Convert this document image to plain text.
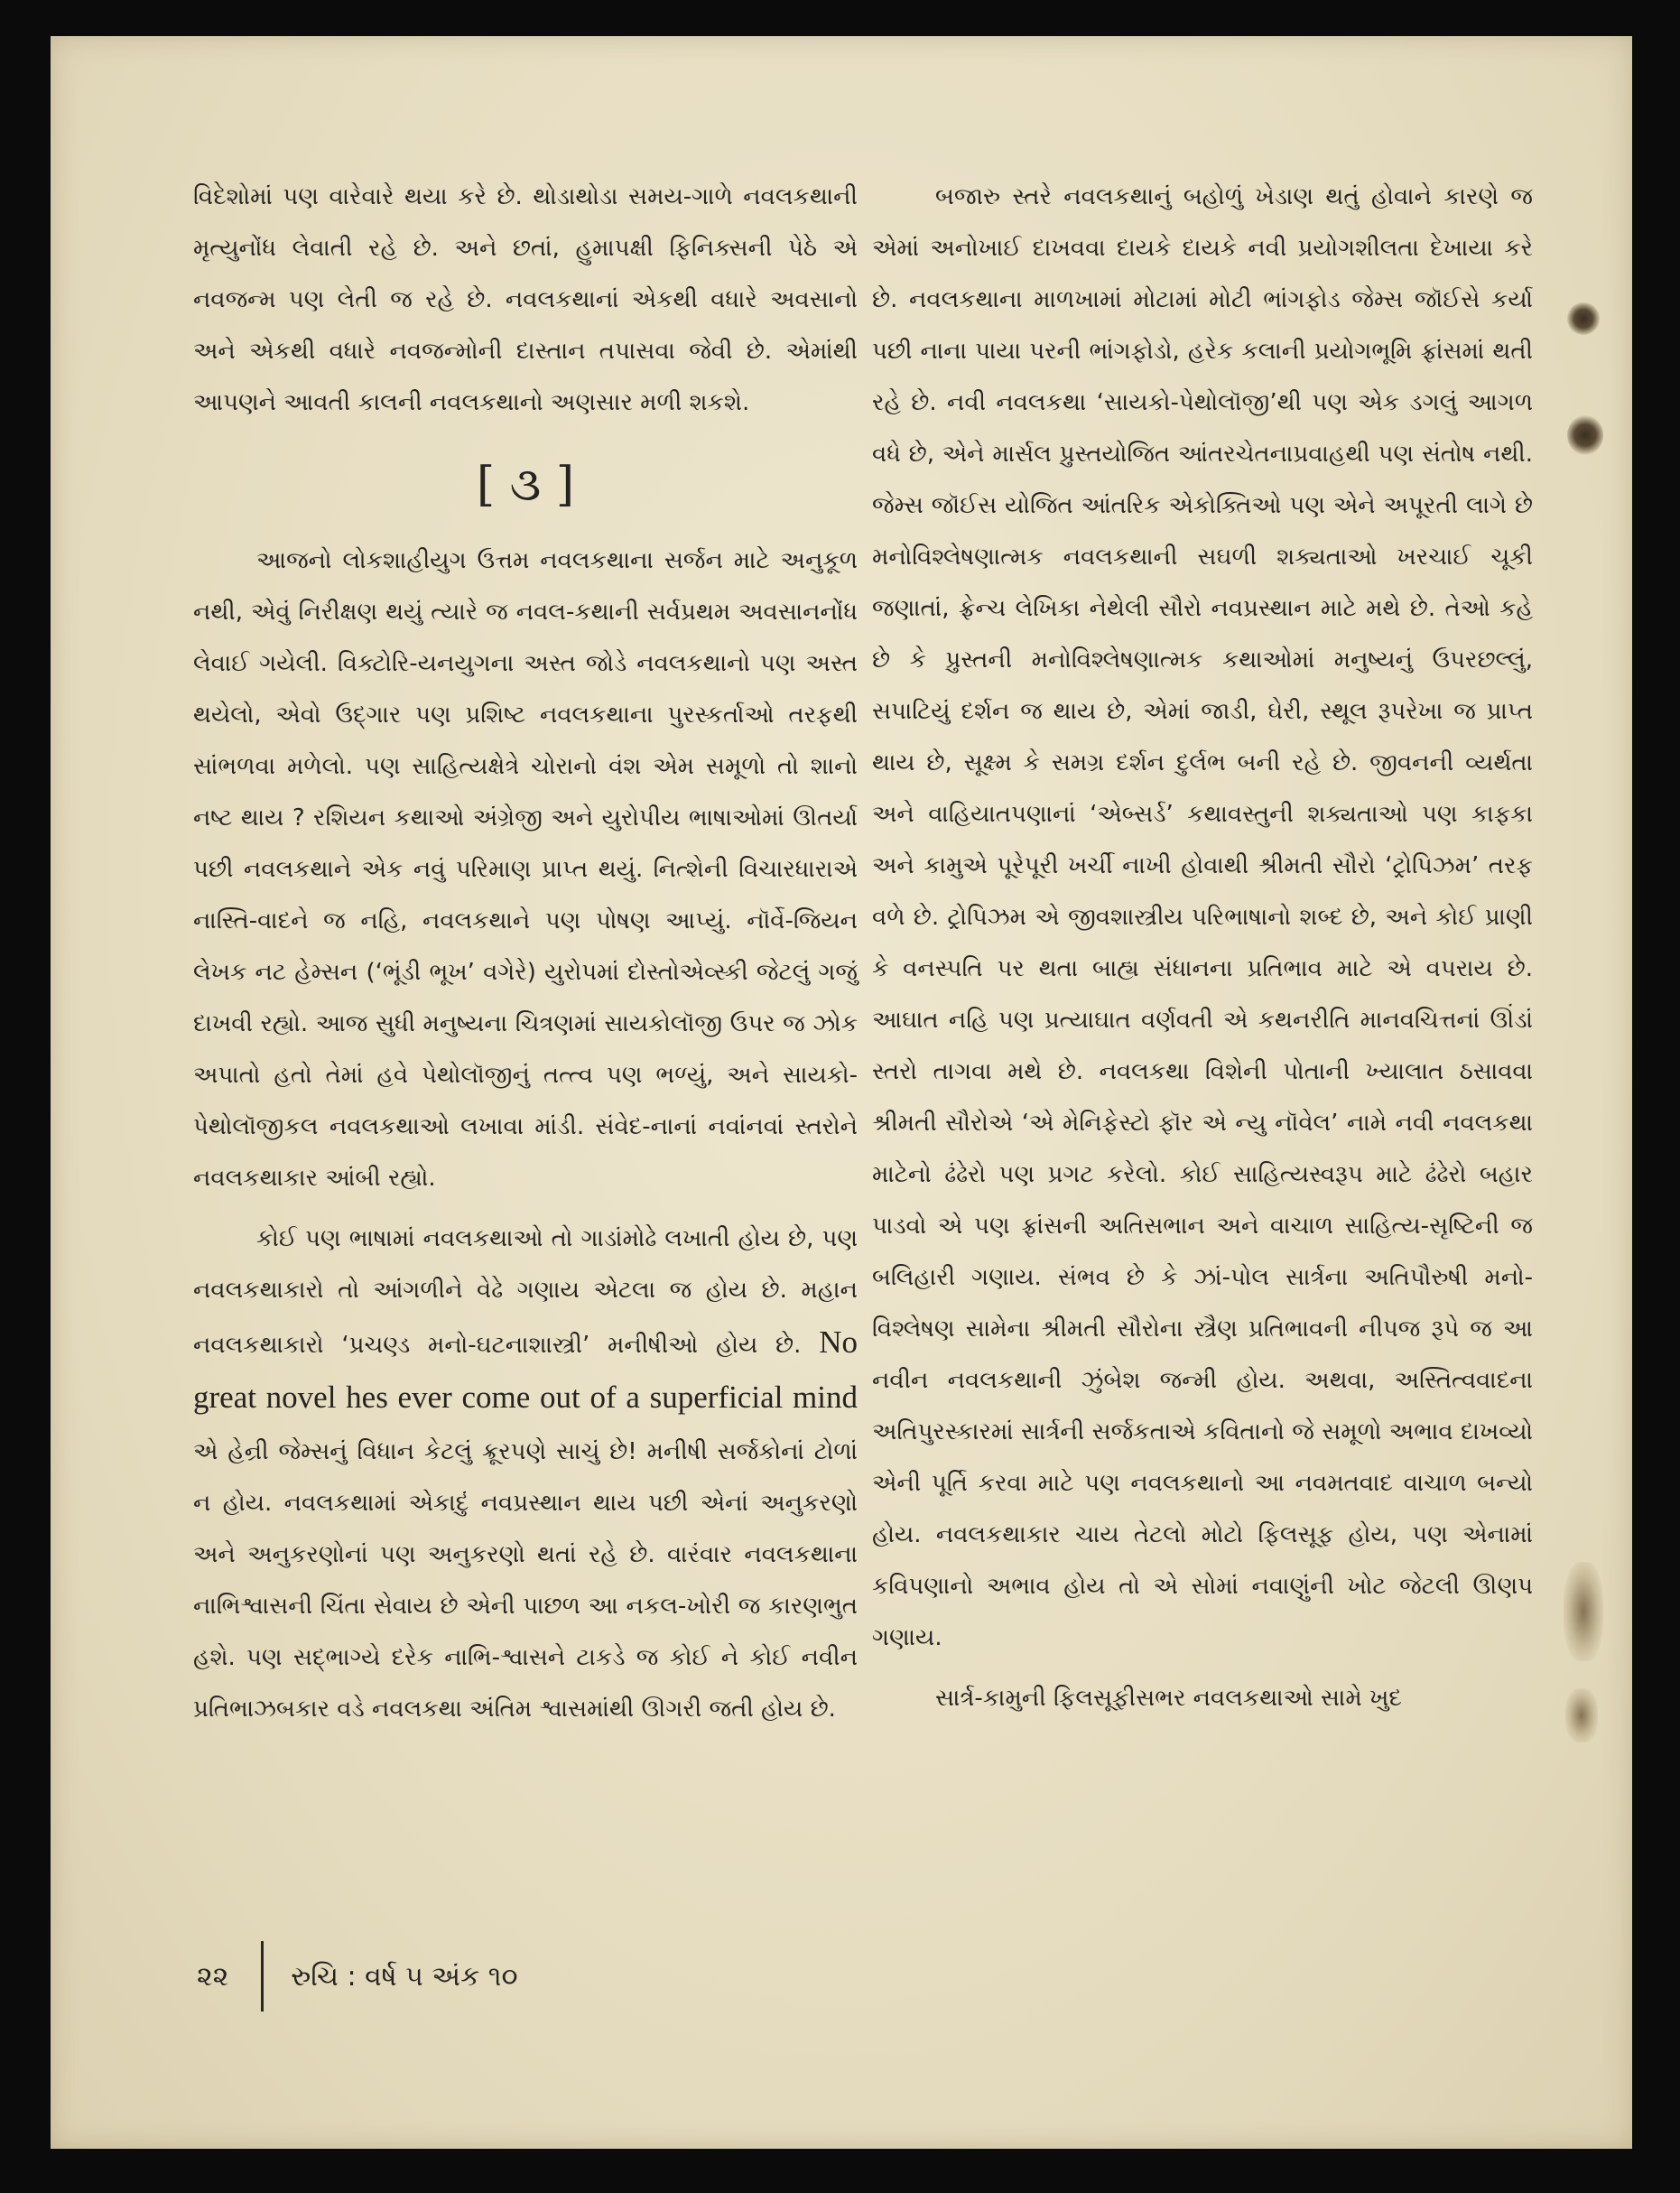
વિદેશોમાં પણ વારેવારે થયા કરે છે. થોડાથોડા સમય-ગાળે નવલકથાની મૃત્યુનોંધ લેવાતી રહે છે. અને છતાં, હુમાપક્ષી ફિનિક્સની પેઠે એ નવજન્મ પણ લેતી જ રહે છે. નવલકથાનાં એકથી વધારે અવસાનો અને એકથી વધારે નવજન્મોની દાસ્તાન તપાસવા જેવી છે. એમાંથી આપણને આવતી કાલની નવલકથાનો અણસાર મળી શકશે.

[ ૩ ]

આજનો લોકશાહીયુગ ઉત્તમ નવલકથાના સર્જન માટે અનુકૂળ નથી, એવું નિરીક્ષણ થયું ત્યારે જ નવલ-કથાની સર્વપ્રથમ અવસાનનોંધ લેવાઈ ગયેલી. વિક્ટોરિ-યનયુગના અસ્ત જોડે નવલકથાનો પણ અસ્ત થયેલો, એવો ઉદ્ગાર પણ પ્રશિષ્ટ નવલકથાના પુરસ્કર્તાઓ તરફથી સાંભળવા મળેલો. પણ સાહિત્યક્ષેત્રે ચોરાનો વંશ એમ સમૂળો તો શાનો નષ્ટ થાય ? રશિયન કથાઓ અંગ્રેજી અને યુરોપીય ભાષાઓમાં ઊતર્યા પછી નવલકથાને એક નવું પરિમાણ પ્રાપ્ત થયું. નિત્શેની વિચારધારાએ નાસ્તિ-વાદને જ નહિ, નવલકથાને પણ પોષણ આપ્યું. નૉર્વે-જિયન લેખક નટ હેમ્સન (‘ભૂંડી ભૂખ’ વગેરે) યુરોપમાં દોસ્તોએવ્સ્કી જેટલું ગજું દાખવી રહ્યો. આજ સુધી મનુષ્યના ચિત્રણમાં સાયકોલૉજી ઉપર જ ઝોક અપાતો હતો તેમાં હવે પેથોલૉજીનું તત્ત્વ પણ ભળ્યું, અને સાયકો-પેથોલૉજીકલ નવલકથાઓ લખાવા માંડી. સંવેદ-નાનાં નવાંનવાં સ્તરોને નવલકથાકાર આંબી રહ્યો.

કોઈ પણ ભાષામાં નવલકથાઓ તો ગાડાંમોઢે લખાતી હોય છે, પણ નવલકથાકારો તો આંગળીને વેઢે ગણાય એટલા જ હોય છે. મહાન નવલકથાકારો ‘પ્રચણ્ડ મનો-ઘટનાશાસ્ત્રી’ મનીષીઓ હોય છે. No great novel hes ever come out of a superficial mind એ હેન્રી જેમ્સનું વિધાન કેટલું ક્રૂરપણે સાચું છે! મનીષી સર્જકોનાં ટોળાં ન હોય. નવલકથામાં એકાદું નવપ્રસ્થાન થાય પછી એનાં અનુકરણો અને અનુકરણોનાં પણ અનુકરણો થતાં રહે છે. વારંવાર નવલકથાના નાભિશ્વાસની ચિંતા સેવાય છે એની પાછળ આ નકલ-ખોરી જ કારણભુત હશે. પણ સદ્ભાગ્યે દરેક નાભિ-શ્વાસને ટાકડે જ કોઈ ને કોઈ નવીન પ્રતિભાઝબકાર વડે નવલકથા અંતિમ શ્વાસમાંથી ઊગરી જતી હોય છે.

બજારુ સ્તરે નવલકથાનું બહોળું ખેડાણ થતું હોવાને કારણે જ એમાં અનોખાઈ દાખવવા દાયકે દાયકે નવી પ્રયોગશીલતા દેખાયા કરે છે. નવલકથાના માળખામાં મોટામાં મોટી ભાંગફોડ જેમ્સ જૉઈસે કર્યા પછી નાના પાયા પરની ભાંગફોડો, હરેક કલાની પ્રયોગભૂમિ ફ્રાંસમાં થતી રહે છે. નવી નવલકથા ‘સાયકો-પેથોલૉજી’થી પણ એક ડગલું આગળ વધે છે, એને માર્સલ પ્રુસ્તયોજિત આંતરચેતનાપ્રવાહથી પણ સંતોષ નથી. જેમ્સ જૉઈસ યોજિત આંતરિક એકોક્તિઓ પણ એને અપૂરતી લાગે છે મનોવિશ્લેષણાત્મક નવલકથાની સઘળી શક્યતાઓ ખરચાઈ ચૂકી જણાતાં, ફ્રેન્ચ લેખિકા નેથેલી સૌરો નવપ્રસ્થાન માટે મથે છે. તેઓ કહે છે કે પ્રુસ્તની મનોવિશ્લેષણાત્મક કથાઓમાં મનુષ્યનું ઉપરછલ્લું, સપાટિયું દર્શન જ થાય છે, એમાં જાડી, ઘેરી, સ્થૂલ રૂપરેખા જ પ્રાપ્ત થાય છે, સૂક્ષ્મ કે સમગ્ર દર્શન દુર્લભ બની રહે છે. જીવનની વ્યર્થતા અને વાહિયાતપણાનાં ‘એબ્સર્ડ’ કથાવસ્તુની શક્યતાઓ પણ કાફકા અને કામુએ પૂરેપૂરી ખર્ચી નાખી હોવાથી શ્રીમતી સૌરો ‘ટ્રોપિઝમ’ તરફ વળે છે. ટ્રોપિઝમ એ જીવશાસ્ત્રીય પરિભાષાનો શબ્દ છે, અને કોઈ પ્રાણી કે વનસ્પતિ પર થતા બાહ્ય સંધાનના પ્રતિભાવ માટે એ વપરાય છે. આઘાત નહિ પણ પ્રત્યાઘાત વર્ણવતી એ કથનરીતિ માનવચિત્તનાં ઊંડાં સ્તરો તાગવા મથે છે. નવલકથા વિશેની પોતાની ખ્યાલાત ઠસાવવા શ્રીમતી સૌરોએ ‘એ મેનિફેસ્ટો ફૉર એ ન્યુ નૉવેલ’ નામે નવી નવલકથા માટેનો ઢંઢેરો પણ પ્રગટ કરેલો. કોઈ સાહિત્યસ્વરૂપ માટે ઢંઢેરો બહાર પાડવો એ પણ ફ્રાંસની અતિસભાન અને વાચાળ સાહિત્ય-સૃષ્ટિની જ બલિહારી ગણાય. સંભવ છે કે ઝાં-પોલ સાર્ત્રના અતિપૌરુષી મનો-વિશ્લેષણ સામેના શ્રીમતી સૌરોના સ્ત્રૈણ પ્રતિભાવની નીપજ રૂપે જ આ નવીન નવલકથાની ઝુંબેશ જન્મી હોય. અથવા, અસ્તિત્વવાદના અતિપુરસ્કારમાં સાર્ત્રની સર્જકતાએ કવિતાનો જે સમૂળો અભાવ દાખવ્યો એની પૂર્તિ કરવા માટે પણ નવલકથાનો આ નવમતવાદ વાચાળ બન્યો હોય. નવલકથાકાર ચાય તેટલો મોટો ફિલસૂફ હોય, પણ એનામાં કવિપણાનો અભાવ હોય તો એ સોમાં નવાણુંની ખોટ જેટલી ઊણપ ગણાય.

સાર્ત્ર-કામુની ફિલસૂફીસભર નવલકથાઓ સામે ખુદ

૨૨ રુચિ : વર્ષ ૫ અંક ૧૦
